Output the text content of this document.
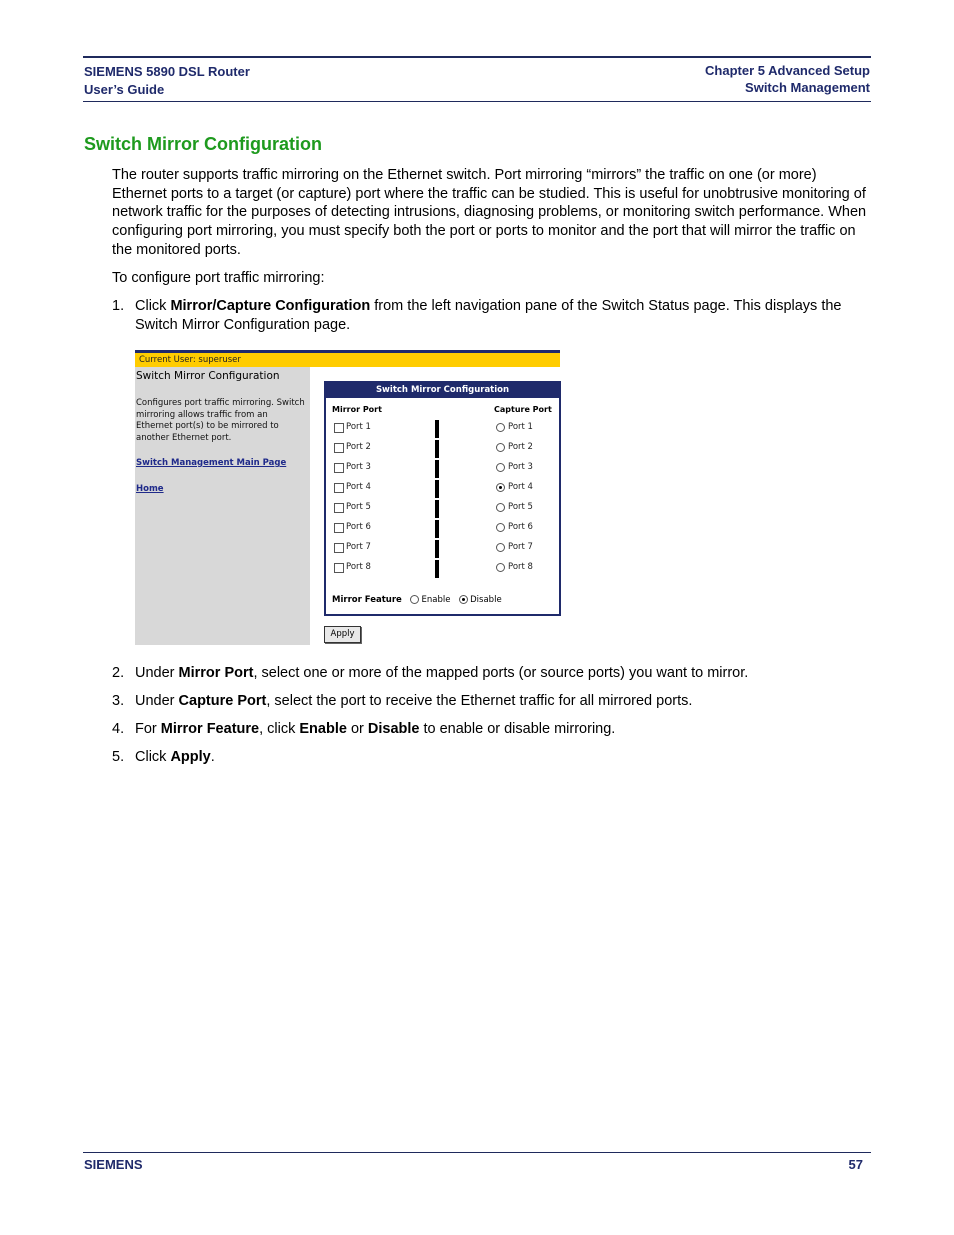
SIEMENS 5890 DSL Router
User’s Guide
Chapter 5 Advanced Setup
Switch Management
Switch Mirror Configuration

The router supports traffic mirroring on the Ethernet switch. Port mirroring “mirrors” the traffic on one (or more) Ethernet ports to a target (or capture) port where the traffic can be studied. This is useful for unobtrusive monitoring of network traffic for the purposes of detecting intrusions, diagnosing problems, or monitoring switch performance. When configuring port mirroring, you must specify both the port or ports to monitor and the port that will mirror the traffic on the monitored ports.

To configure port traffic mirroring:

1. Click Mirror/Capture Configuration from the left navigation pane of the Switch Status page. This displays the Switch Mirror Configuration page.
Current User: superuser
Switch Mirror Configuration
Configures port traffic mirroring. Switch mirroring allows traffic from an Ethernet port(s) to be mirrored to another Ethernet port.
Switch Management Main Page
Home
Switch Mirror Configuration
Mirror Port	Capture Port
Port 1	Port 1
Port 2	Port 2
Port 3	Port 3
Port 4	Port 4
Port 5	Port 5
Port 6	Port 6
Port 7	Port 7
Port 8	Port 8
Mirror Feature Enable Disable
Apply
2. Under Mirror Port, select one or more of the mapped ports (or source ports) you want to mirror.
3. Under Capture Port, select the port to receive the Ethernet traffic for all mirrored ports.
4. For Mirror Feature, click Enable or Disable to enable or disable mirroring.
5. Click Apply.
SIEMENS	57
